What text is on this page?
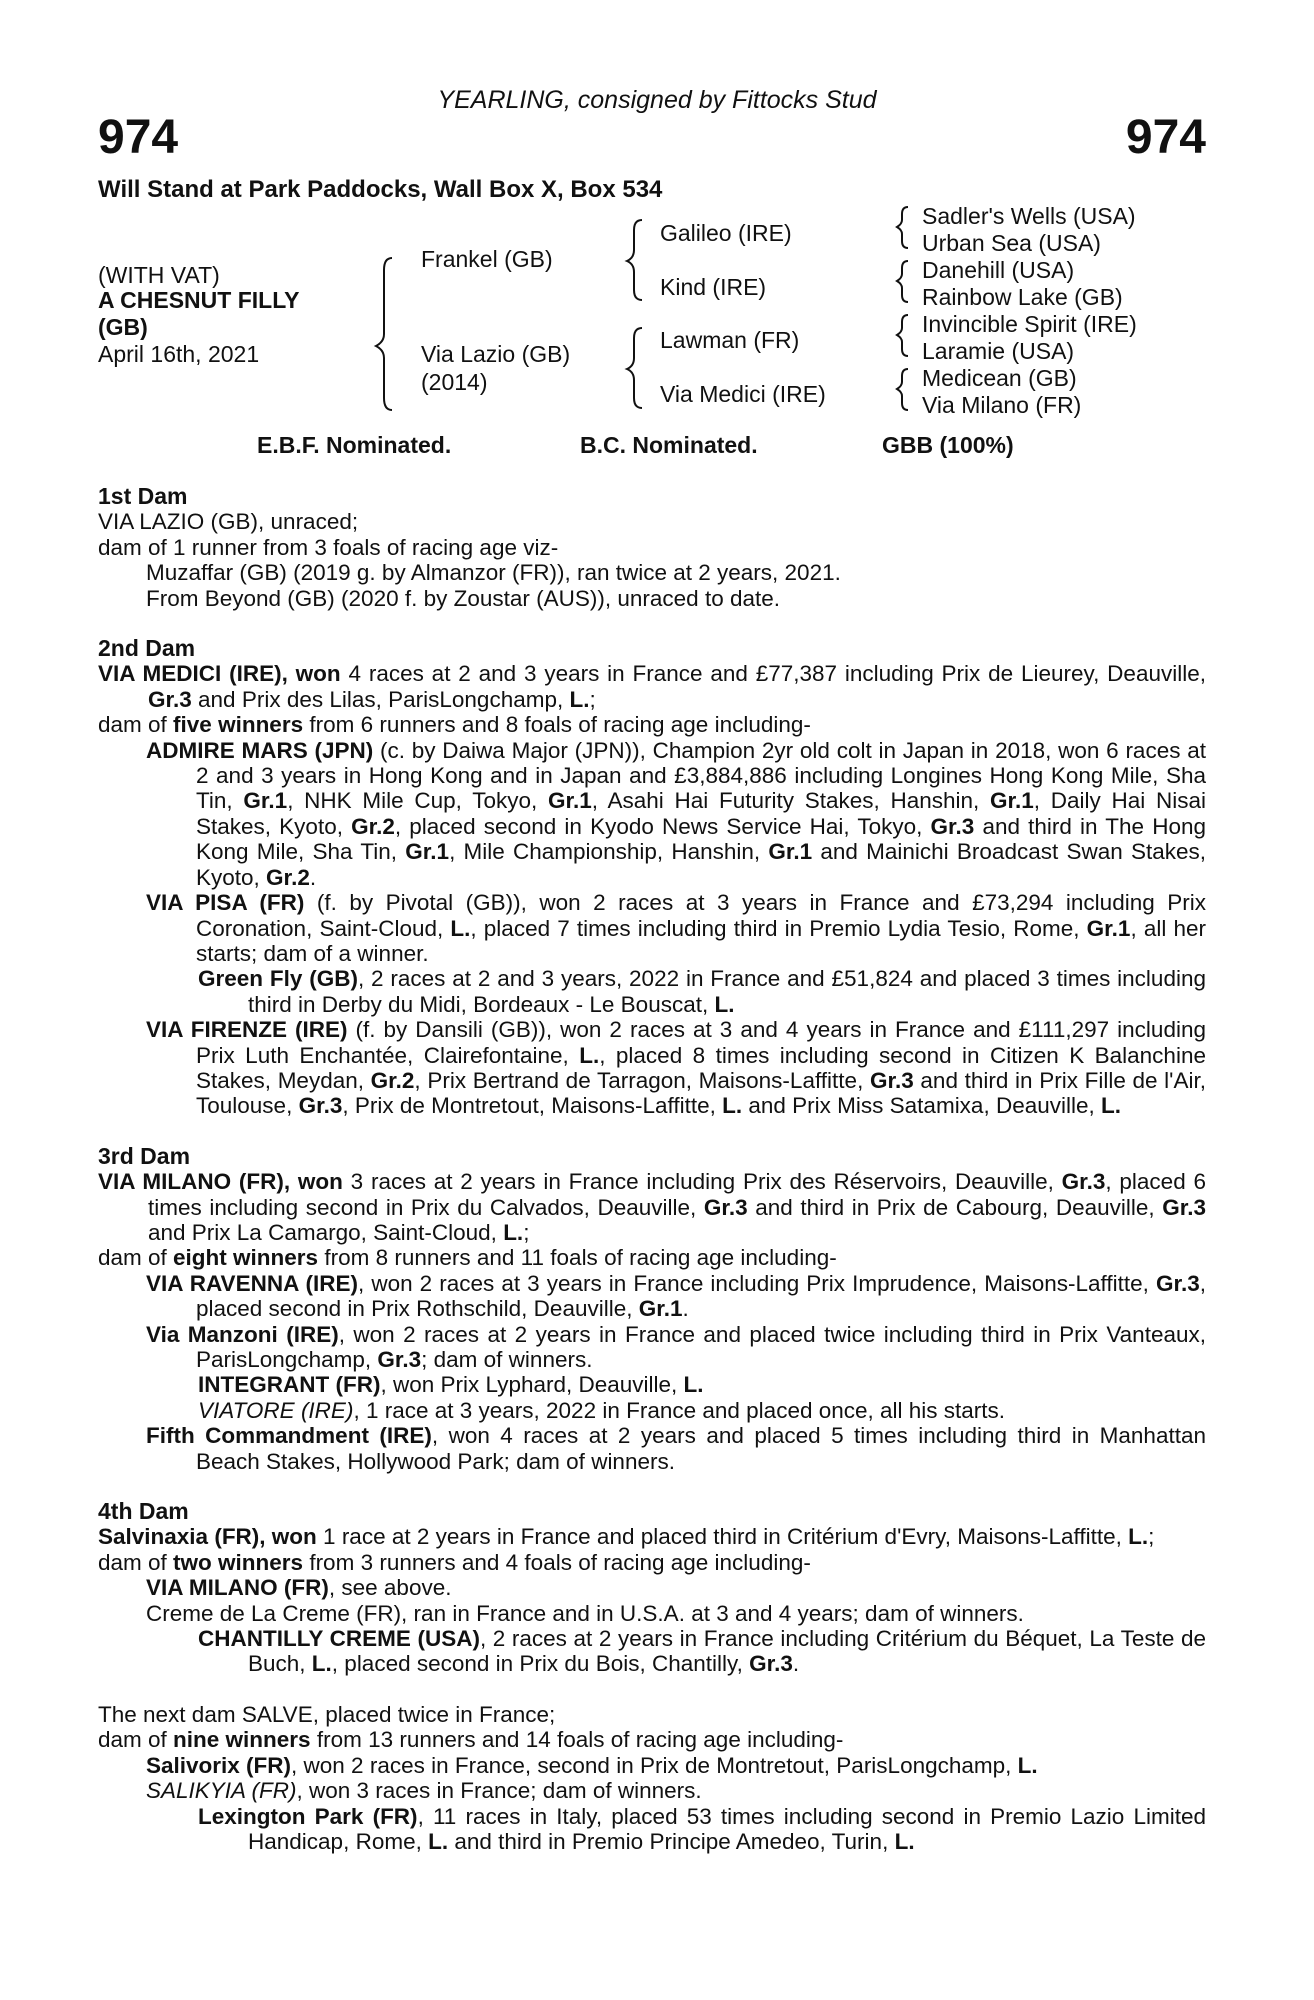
YEARLING, consigned by Fittocks Stud
974	974
Will Stand at Park Paddocks, Wall Box X, Box 534
(WITH VAT)
A CHESNUT FILLY
(GB)
April 16th, 2021
Frankel (GB)
Via Lazio (GB)
(2014)
Galileo (IRE)
Kind (IRE)
Lawman (FR)
Via Medici (IRE)
Sadler's Wells (USA)
Urban Sea (USA)
Danehill (USA)
Rainbow Lake (GB)
Invincible Spirit (IRE)
Laramie (USA)
Medicean (GB)
Via Milano (FR)
E.B.F. Nominated.	B.C. Nominated.	GBB (100%)

1st Dam

VIA LAZIO (GB), unraced;

dam of 1 runner from 3 foals of racing age viz-

Muzaffar (GB) (2019 g. by Almanzor (FR)), ran twice at 2 years, 2021.

From Beyond (GB) (2020 f. by Zoustar (AUS)), unraced to date.

2nd Dam

VIA MEDICI (IRE), won 4 races at 2 and 3 years in France and £77,387 including Prix de Lieurey, Deauville, Gr.3 and Prix des Lilas, ParisLongchamp, L.;

dam of five winners from 6 runners and 8 foals of racing age including-

ADMIRE MARS (JPN) (c. by Daiwa Major (JPN)), Champion 2yr old colt in Japan in 2018, won 6 races at 2 and 3 years in Hong Kong and in Japan and £3,884,886 including Longines Hong Kong Mile, Sha Tin, Gr.1, NHK Mile Cup, Tokyo, Gr.1, Asahi Hai Futurity Stakes, Hanshin, Gr.1, Daily Hai Nisai Stakes, Kyoto, Gr.2, placed second in Kyodo News Service Hai, Tokyo, Gr.3 and third in The Hong Kong Mile, Sha Tin, Gr.1, Mile Championship, Hanshin, Gr.1 and Mainichi Broadcast Swan Stakes, Kyoto, Gr.2.

VIA PISA (FR) (f. by Pivotal (GB)), won 2 races at 3 years in France and £73,294 including Prix Coronation, Saint-Cloud, L., placed 7 times including third in Premio Lydia Tesio, Rome, Gr.1, all her starts; dam of a winner.

Green Fly (GB), 2 races at 2 and 3 years, 2022 in France and £51,824 and placed 3 times including third in Derby du Midi, Bordeaux - Le Bouscat, L.

VIA FIRENZE (IRE) (f. by Dansili (GB)), won 2 races at 3 and 4 years in France and £111,297 including Prix Luth Enchantée, Clairefontaine, L., placed 8 times including second in Citizen K Balanchine Stakes, Meydan, Gr.2, Prix Bertrand de Tarragon, Maisons-Laffitte, Gr.3 and third in Prix Fille de l'Air, Toulouse, Gr.3, Prix de Montretout, Maisons-Laffitte, L. and Prix Miss Satamixa, Deauville, L.

3rd Dam

VIA MILANO (FR), won 3 races at 2 years in France including Prix des Réservoirs, Deauville, Gr.3, placed 6 times including second in Prix du Calvados, Deauville, Gr.3 and third in Prix de Cabourg, Deauville, Gr.3 and Prix La Camargo, Saint-Cloud, L.;

dam of eight winners from 8 runners and 11 foals of racing age including-

VIA RAVENNA (IRE), won 2 races at 3 years in France including Prix Imprudence, Maisons-Laffitte, Gr.3, placed second in Prix Rothschild, Deauville, Gr.1.

Via Manzoni (IRE), won 2 races at 2 years in France and placed twice including third in Prix Vanteaux, ParisLongchamp, Gr.3; dam of winners.

INTEGRANT (FR), won Prix Lyphard, Deauville, L.

VIATORE (IRE), 1 race at 3 years, 2022 in France and placed once, all his starts.

Fifth Commandment (IRE), won 4 races at 2 years and placed 5 times including third in Manhattan Beach Stakes, Hollywood Park; dam of winners.

4th Dam

Salvinaxia (FR), won 1 race at 2 years in France and placed third in Critérium d'Evry, Maisons-Laffitte, L.;

dam of two winners from 3 runners and 4 foals of racing age including-

VIA MILANO (FR), see above.

Creme de La Creme (FR), ran in France and in U.S.A. at 3 and 4 years; dam of winners.

CHANTILLY CREME (USA), 2 races at 2 years in France including Critérium du Béquet, La Teste de Buch, L., placed second in Prix du Bois, Chantilly, Gr.3.

The next dam SALVE, placed twice in France;

dam of nine winners from 13 runners and 14 foals of racing age including-

Salivorix (FR), won 2 races in France, second in Prix de Montretout, ParisLongchamp, L.

SALIKYIA (FR), won 3 races in France; dam of winners.

Lexington Park (FR), 11 races in Italy, placed 53 times including second in Premio Lazio Limited Handicap, Rome, L. and third in Premio Principe Amedeo, Turin, L.
